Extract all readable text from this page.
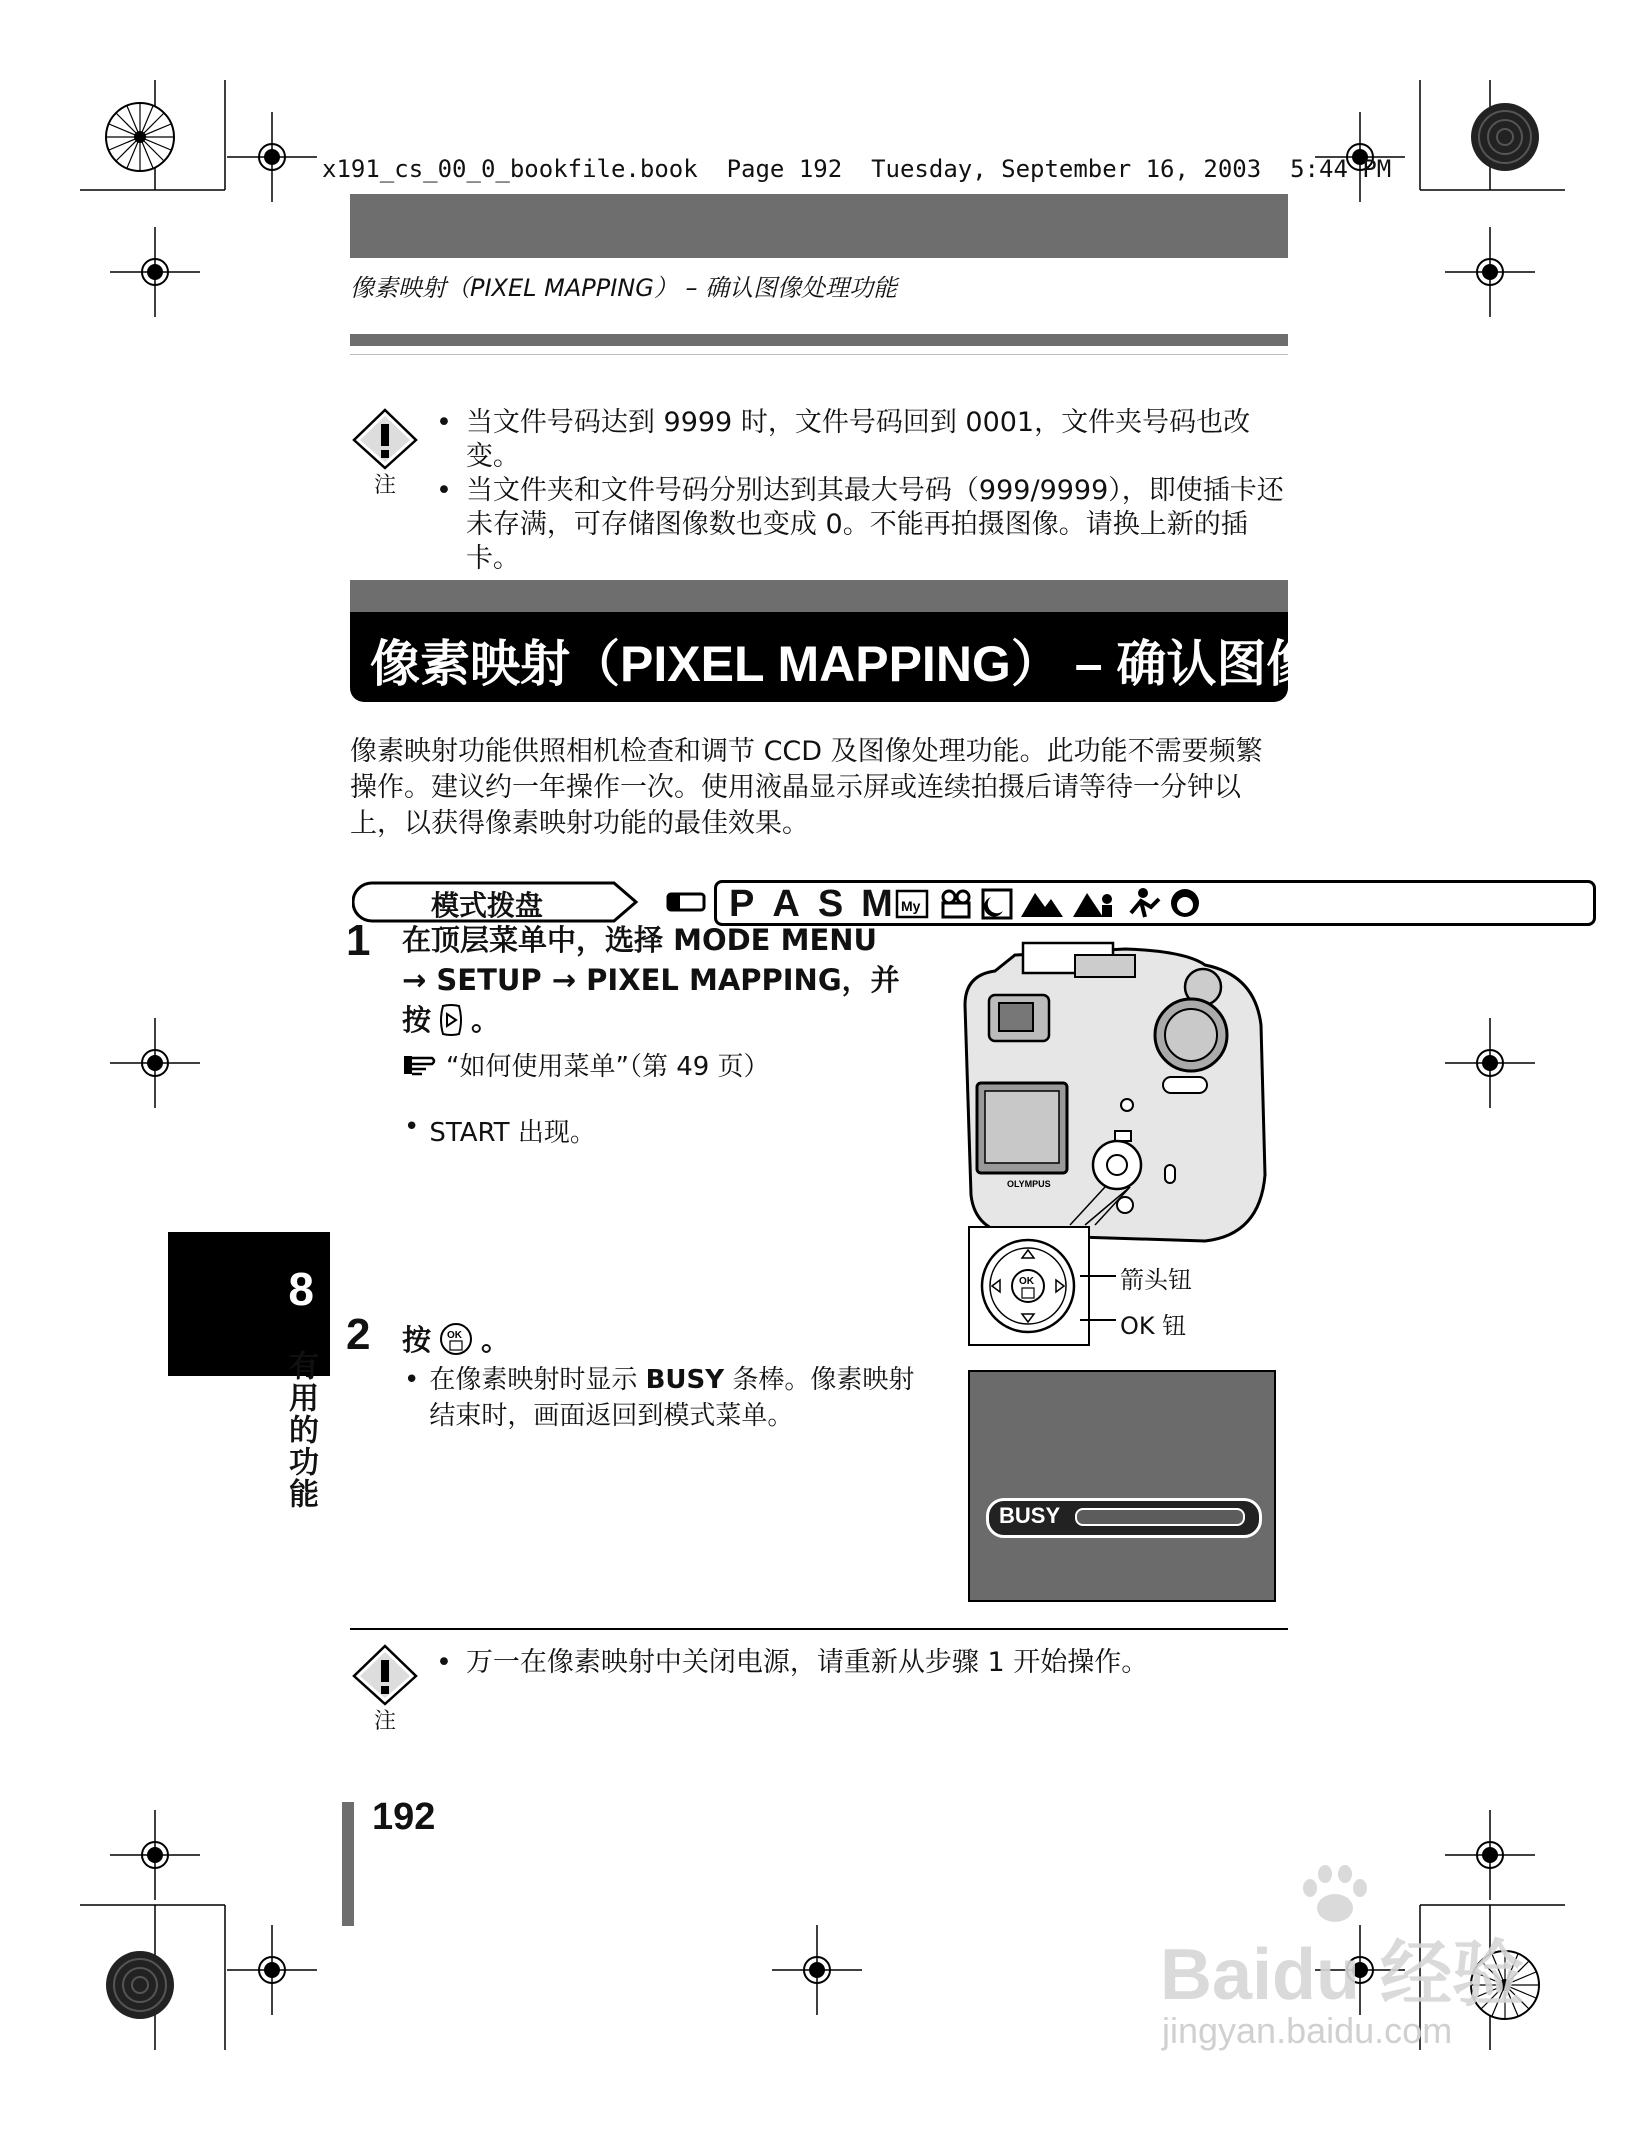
x191_cs_00_0_bookfile.book  Page 192  Tuesday, September 16, 2003  5:44 PM
像素映射（PIXEL MAPPING） – 确认图像处理功能
注
• 当文件号码达到 9999 时，文件号码回到 0001，文件夹号码也改变。
• 当文件夹和文件号码分别达到其最大号码（999/9999），即使插卡还未存满，可存储图像数也变成 0。不能再拍摄图像。请换上新的插卡。
像素映射（PIXEL MAPPING） – 确认图像处理功能

像素映射功能供照相机检查和调节 CCD 及图像处理功能。此功能不需要频繁操作。建议约一年操作一次。使用液晶显示屏或连续拍摄后请等待一分钟以上，以获得像素映射功能的最佳效果。

模式拨盘	P A S M My
1 在顶层菜单中，选择 MODE MENU
→ SETUP → PIXEL MAPPING，并
按 。
“如何使用菜单”（第 49 页）
• START 出现。
OLYMPUS
OK	箭头钮
OK 钮
8
有用的功能
2 按 OK 。
• 在像素映射时显示 BUSY 条棒。像素映射结束时，画面返回到模式菜单。
BUSY
注
• 万一在像素映射中关闭电源，请重新从步骤 1 开始操作。
192
Baidu 经验
jingyan.baidu.com
